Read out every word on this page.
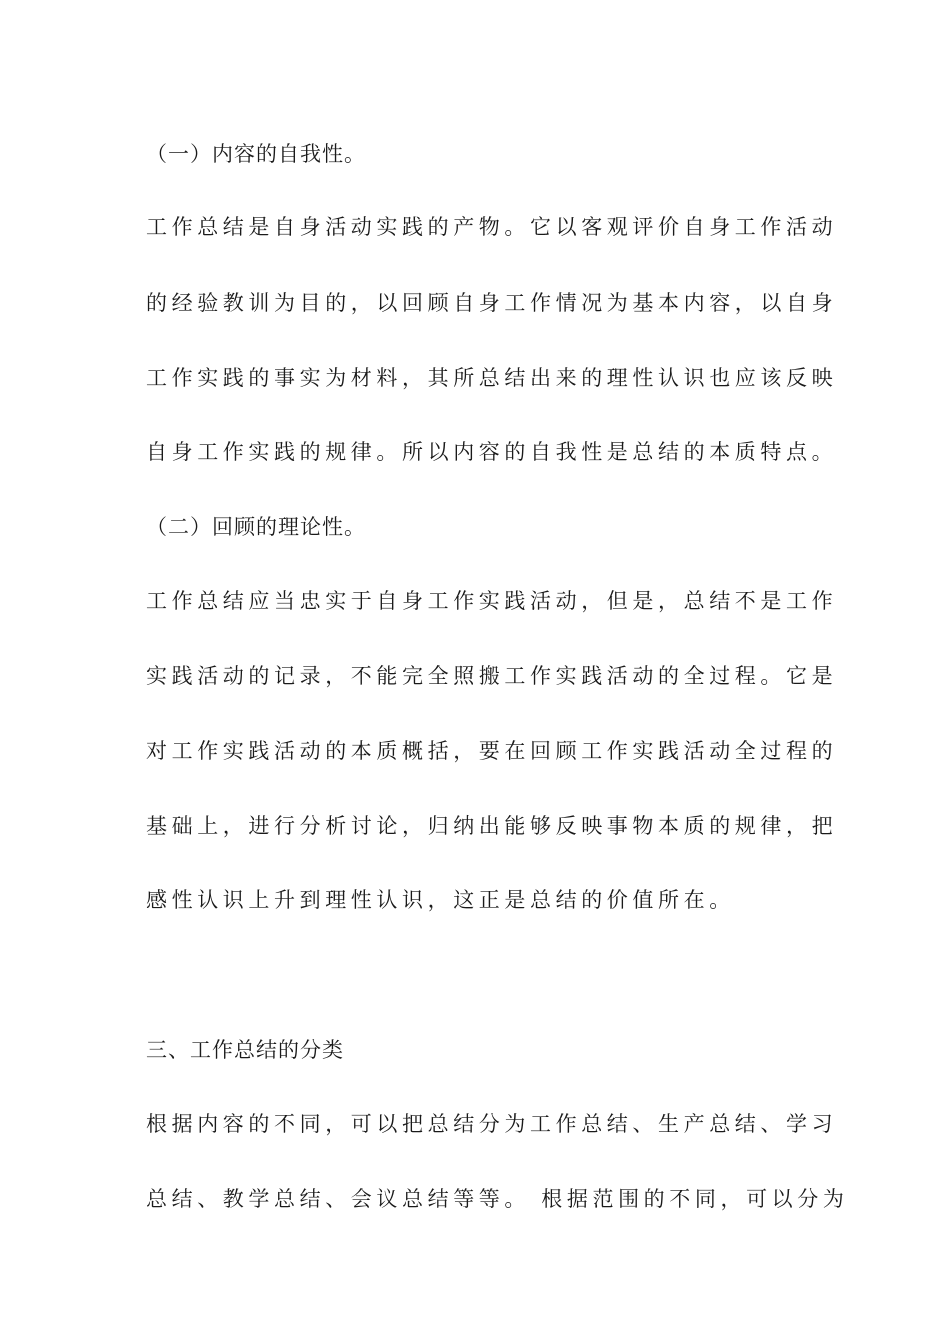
（一）内容的自我性。
工作总结是自身活动实践的产物。它以客观评价自身工作活动
的经验教训为目的，以回顾自身工作情况为基本内容，以自身
工作实践的事实为材料，其所总结出来的理性认识也应该反映
自身工作实践的规律。所以内容的自我性是总结的本质特点。
（二）回顾的理论性。
工作总结应当忠实于自身工作实践活动，但是，总结不是工作
实践活动的记录，不能完全照搬工作实践活动的全过程。它是
对工作实践活动的本质概括，要在回顾工作实践活动全过程的
基础上，进行分析讨论，归纳出能够反映事物本质的规律，把
感性认识上升到理性认识，这正是总结的价值所在。
三、工作总结的分类
根据内容的不同，可以把总结分为工作总结、生产总结、学习
总结、教学总结、会议总结等等。 根据范围的不同，可以分为
